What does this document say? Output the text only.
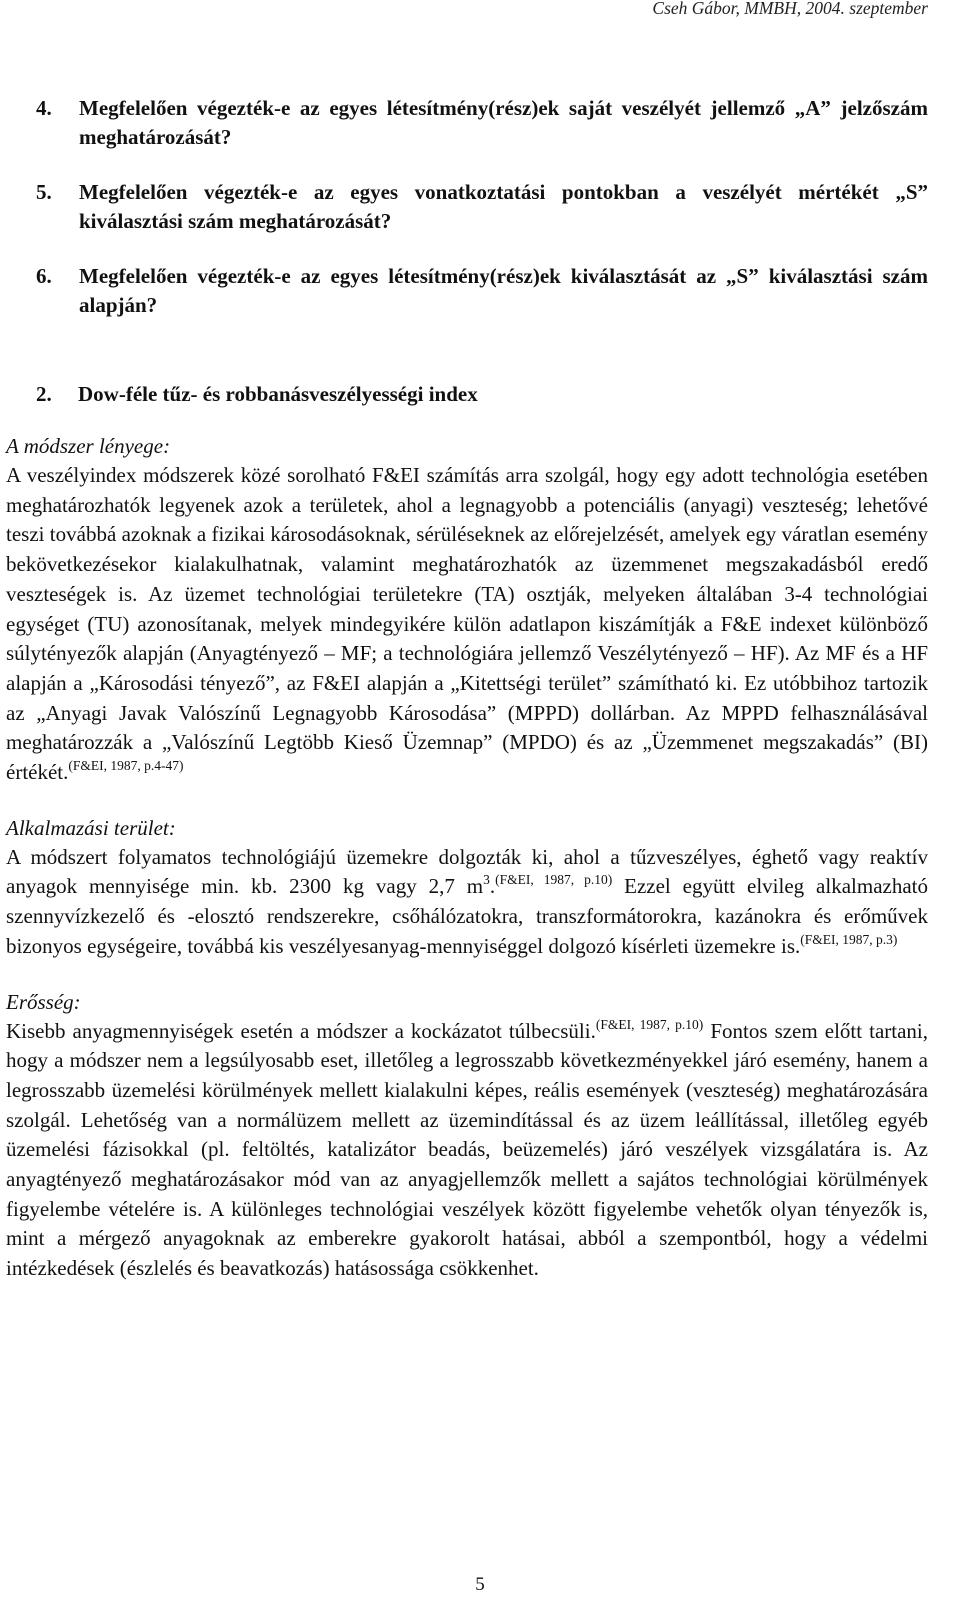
Cseh Gábor, MMBH, 2004. szeptember
4. Megfelelően végezték-e az egyes létesítmény(rész)ek saját veszélyét jellemző „A” jelzőszám meghatározását?
5. Megfelelően végezték-e az egyes vonatkoztatási pontokban a veszélyét mértékét „S” kiválasztási szám meghatározását?
6. Megfelelően végezték-e az egyes létesítmény(rész)ek kiválasztását az „S” kiválasztási szám alapján?
2. Dow-féle tűz- és robbanásveszélyességi index

A módszer lényege:

A veszélyindex módszerek közé sorolható F&EI számítás arra szolgál, hogy egy adott technológia esetében meghatározhatók legyenek azok a területek, ahol a legnagyobb a potenciális (anyagi) veszteség; lehetővé teszi továbbá azoknak a fizikai károsodásoknak, sérüléseknek az előrejelzését, amelyek egy váratlan esemény bekövetkezésekor kialakulhatnak, valamint meghatározhatók az üzemmenet megszakadásból eredő veszteségek is. Az üzemet technológiai területekre (TA) osztják, melyeken általában 3-4 technológiai egységet (TU) azonosítanak, melyek mindegyikére külön adatlapon kiszámítják a F&E indexet különböző súlytényezők alapján (Anyagtényező – MF; a technológiára jellemző Veszélytényező – HF). Az MF és a HF alapján a „Károsodási tényező”, az F&EI alapján a „Kitettségi terület” számítható ki. Ez utóbbihoz tartozik az „Anyagi Javak Valószínű Legnagyobb Károsodása” (MPPD) dollárban. Az MPPD felhasználásával meghatározzák a „Valószínű Legtöbb Kieső Üzemnap” (MPDO) és az „Üzemmenet megszakadás” (BI) értékét.$^{(F\&EI, 1987, p.4-47)}$

Alkalmazási terület:

A módszert folyamatos technológiájú üzemekre dolgozták ki, ahol a tűzveszélyes, éghető vagy reaktív anyagok mennyisége min. kb. 2300 kg vagy 2,7 $m^3.^{(F\&EI, 1987, p.10)}$ Ezzel együtt elvileg alkalmazható szennyvízkezelő és -elosztó rendszerekre, csőhálózatokra, transzformátorokra, kazánokra és erőművek bizonyos egységeire, továbbá kis veszélyesanyag-mennyiséggel dolgozó kísérleti üzemekre is.$^{(F\&EI, 1987, p.3)}$

Erősség:

Kisebb anyagmennyiségek esetén a módszer a kockázatot túlbecsüli.$^{(F\&EI, 1987, p.10)}$ Fontos szem előtt tartani, hogy a módszer nem a legsúlyosabb eset, illetőleg a legrosszabb következményekkel járó esemény, hanem a legrosszabb üzemelési körülmények mellett kialakulni képes, reális események (veszteség) meghatározására szolgál. Lehetőség van a normálüzem mellett az üzemindítással és az üzem leállítással, illetőleg egyéb üzemelési fázisokkal (pl. feltöltés, katalizátor beadás, beüzemelés) járó veszélyek vizsgálatára is. Az anyagtényező meghatározásakor mód van az anyagjellemzők mellett a sajátos technológiai körülmények figyelembe vételére is. A különleges technológiai veszélyek között figyelembe vehetők olyan tényezők is, mint a mérgező anyagoknak az emberekre gyakorolt hatásai, abból a szempontból, hogy a védelmi intézkedések (észlelés és beavatkozás) hatásossága csökkenhet.

5
